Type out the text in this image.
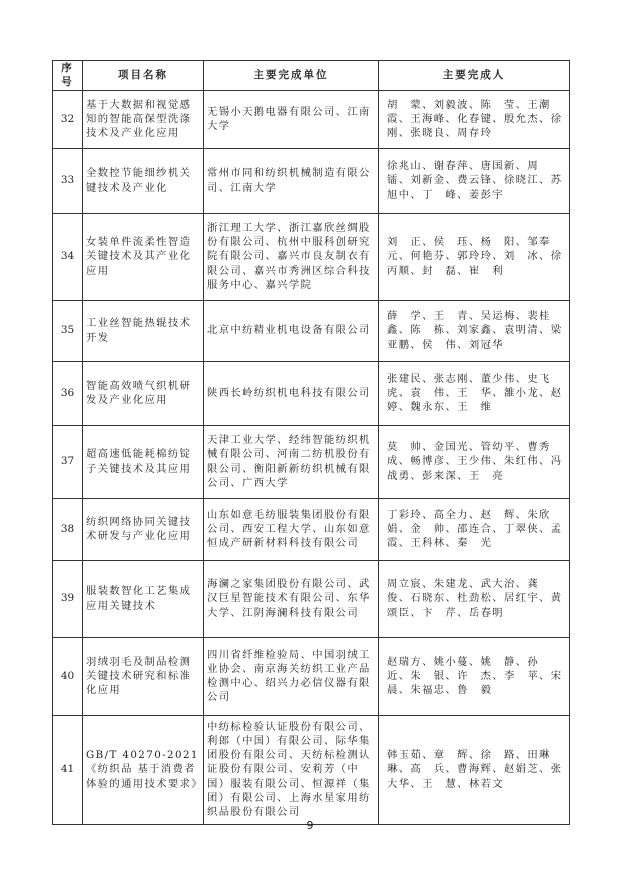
序号	项目名称	主要完成单位	主要完成人
32	基于大数据和视觉感知的智能高保型洗涤技术及产业化应用	无锡小天鹅电器有限公司、江南大学	胡　蒙、刘毅波、陈　莹、王潮霞、王海峰、化春键、殷允杰、徐　刚、张晓良、周存玲
33	全数控节能细纱机关键技术及产业化	常州市同和纺织机械制造有限公司、江南大学	徐兆山、谢春萍、唐国新、周　镭、刘新金、费云锋、徐晓江、苏旭中、丁　峰、姜彭宇
34	女装单件流柔性智造关键技术及其产业化应用	浙江理工大学、浙江嘉欣丝绸股份有限公司、杭州中服科创研究院有限公司、嘉兴市良友制衣有限公司、嘉兴市秀洲区综合科技服务中心、嘉兴学院	刘　正、侯　珏、杨　阳、邹奉元、何艳芬、郭玲玲、刘　冰、徐丙顺、封　磊、崔　利
35	工业丝智能热辊技术开发	北京中纺精业机电设备有限公司	薛　学、王　青、吴运梅、裴桂鑫、陈　栋、刘家鑫、袁明清、梁亚鹏、侯　伟、刘冠华
36	智能高效喷气织机研发及产业化应用	陕西长岭纺织机电科技有限公司	张建民、张志刚、董少伟、史飞虎、袁　伟、王　华、雒小龙、赵　婷、魏永东、王　维
37	超高速低能耗棉纺锭子关键技术及其应用	天津工业大学、经纬智能纺织机械有限公司、河南二纺机股份有限公司、衡阳新新纺织机械有限公司、广西大学	莫　帅、金国光、管幼平、曹秀成、畅博彦、王少伟、朱红伟、冯战勇、彭来深、王　亮
38	纺织网络协同关键技术研发与产业化应用	山东如意毛纺服装集团股份有限公司、西安工程大学、山东如意恒成产研新材料科技有限公司	丁彩玲、高全力、赵　辉、朱欣娟、金　帅、邵连合、丁翠侠、孟　霞、王科林、秦　光
39	服装数智化工艺集成应用关键技术	海澜之家集团股份有限公司、武汉巨星智能技术有限公司、东华大学、江阴海澜科技有限公司	周立宸、朱建龙、武大治、龚　俊、石晓东、杜劲松、居红宇、黄颂臣、卞　芹、岳春明
40	羽绒羽毛及制品检测关键技术研究和标准化应用	四川省纤维检验局、中国羽绒工业协会、南京海关纺织工业产品检测中心、绍兴力必信仪器有限公司	赵瑞方、姚小蔓、姚　静、孙　近、朱　银、许　杰、李　苹、宋　晨、朱福忠、鲁　毅
41	GB/T 40270-2021《纺织品 基于消费者体验的通用技术要求》	中纺标检验认证股份有限公司、利郎（中国）有限公司、际华集团股份有限公司、天纺标检测认证股份有限公司、安莉芳（中国）服装有限公司、恒源祥（集团）有限公司、上海水星家用纺织品股份有限公司	韩玉茹、章　辉、徐　路、田琳琳、高　兵、曹海辉、赵娟芝、张大华、王　慧、林若文
9
